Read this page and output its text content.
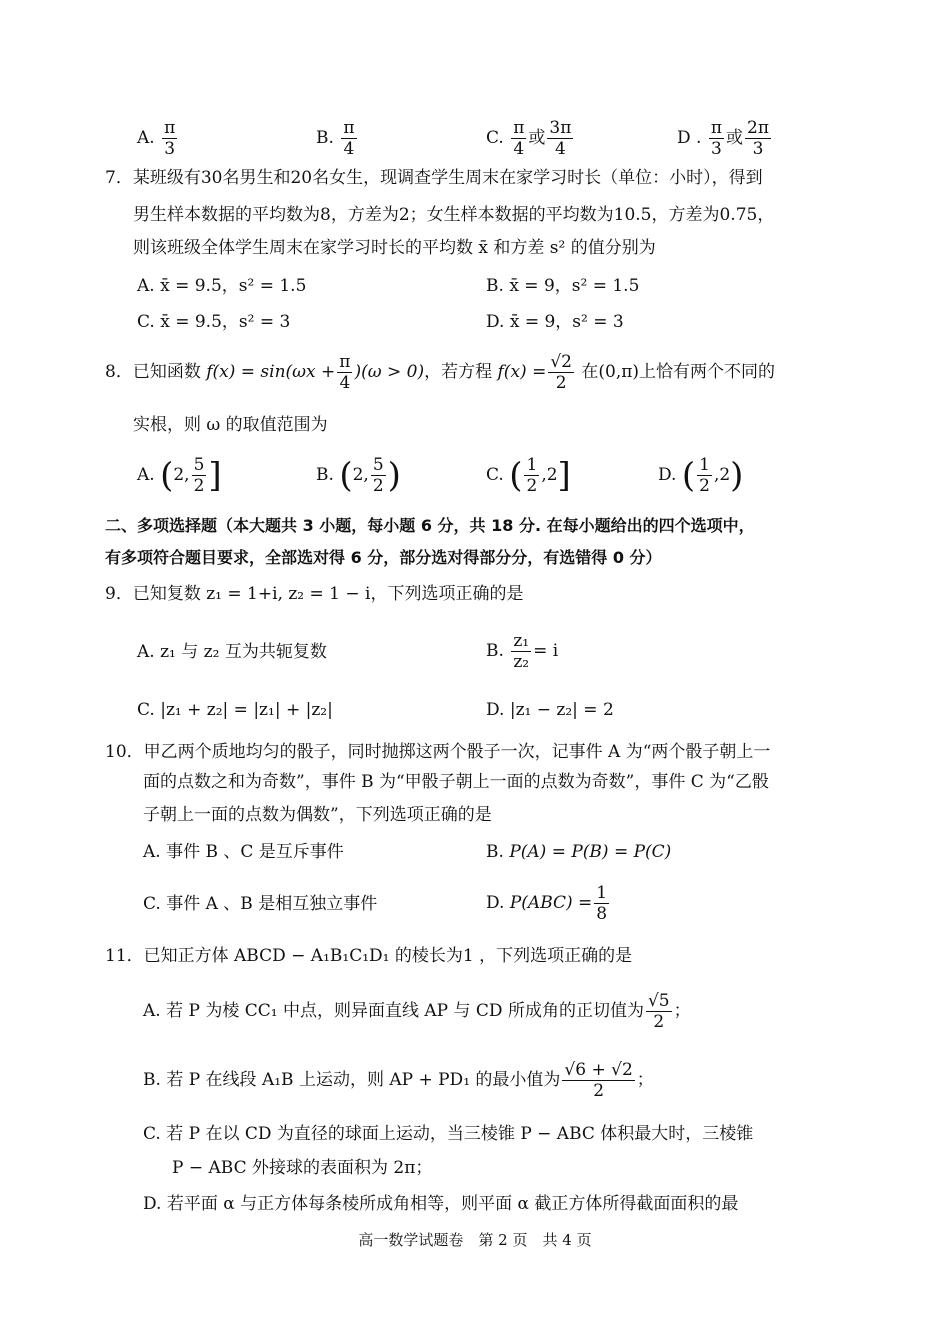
A. $\frac{\pi}{3}$	B. $\frac{\pi}{4}$	C. $\frac{\pi}{4}$ 或 $\frac{3\pi}{4}$	D . $\frac{\pi}{3}$ 或 $\frac{2\pi}{3}$
7．某班级有30名男生和20名女生，现调查学生周末在家学习时长（单位：小时），得到
男生样本数据的平均数为8，方差为2；女生样本数据的平均数为10.5，方差为0.75，
则该班级全体学生周末在家学习时长的平均数 x̄ 和方差 s² 的值分别为
A. x̄ = 9.5，s² = 1.5	B. x̄ = 9，s² = 1.5
C. x̄ = 9.5，s² = 3	D. x̄ = 9，s² = 3
8．已知函数 $f(x) = \sin(\omega x + \frac{\pi}{4} )(\omega > 0)$，若方程 $f(x) = \frac{√2}{2}$ 在(0,π)上恰有两个不同的
实根，则 ω 的取值范围为
A. (2, $\frac{5}{2}$ ]	B. (2, $\frac{5}{2}$ )	C. ( $\frac{1}{2} ,2$]	D. ( $\frac{1}{2} ,2$)
二、多项选择题（本大题共 3 小题，每小题 6 分，共 18 分. 在每小题给出的四个选项中，
有多项符合题目要求，全部选对得 6 分，部分选对得部分分，有选错得 0 分）
9．已知复数 z₁ = 1+i, z₂ = 1 − i，下列选项正确的是
A. z₁ 与 z₂ 互为共轭复数	B. $\frac{\text{z₁}}{\text{z₂}} = i$
C. |z₁ + z₂| = |z₁| + |z₂|	D. |z₁ − z₂| = 2
10．甲乙两个质地均匀的骰子，同时抛掷这两个骰子一次，记事件 A 为“两个骰子朝上一
面的点数之和为奇数”，事件 B 为“甲骰子朝上一面的点数为奇数”，事件 C 为“乙骰
子朝上一面的点数为偶数”，下列选项正确的是
A. 事件 B 、C 是互斥事件	B. P(A) = P(B) = P(C)
C. 事件 A 、B 是相互独立事件	D. $P(ABC) = \frac{1}{8}$
11．已知正方体 ABCD − A₁B₁C₁D₁ 的棱长为1 ，下列选项正确的是
A. 若 P 为棱 CC₁ 中点，则异面直线 AP 与 CD 所成角的正切值为 $\frac{√5}{2}$ ；
B. 若 P 在线段 A₁B 上运动，则 AP + PD₁ 的最小值为 $\frac{√6 + √2}{2}$ ；
C. 若 P 在以 CD 为直径的球面上运动，当三棱锥 P − ABC 体积最大时，三棱锥
P − ABC 外接球的表面积为 2π；
D. 若平面 α 与正方体每条棱所成角相等，则平面 α 截正方体所得截面面积的最
高一数学试题卷　第 2 页　共 4 页
